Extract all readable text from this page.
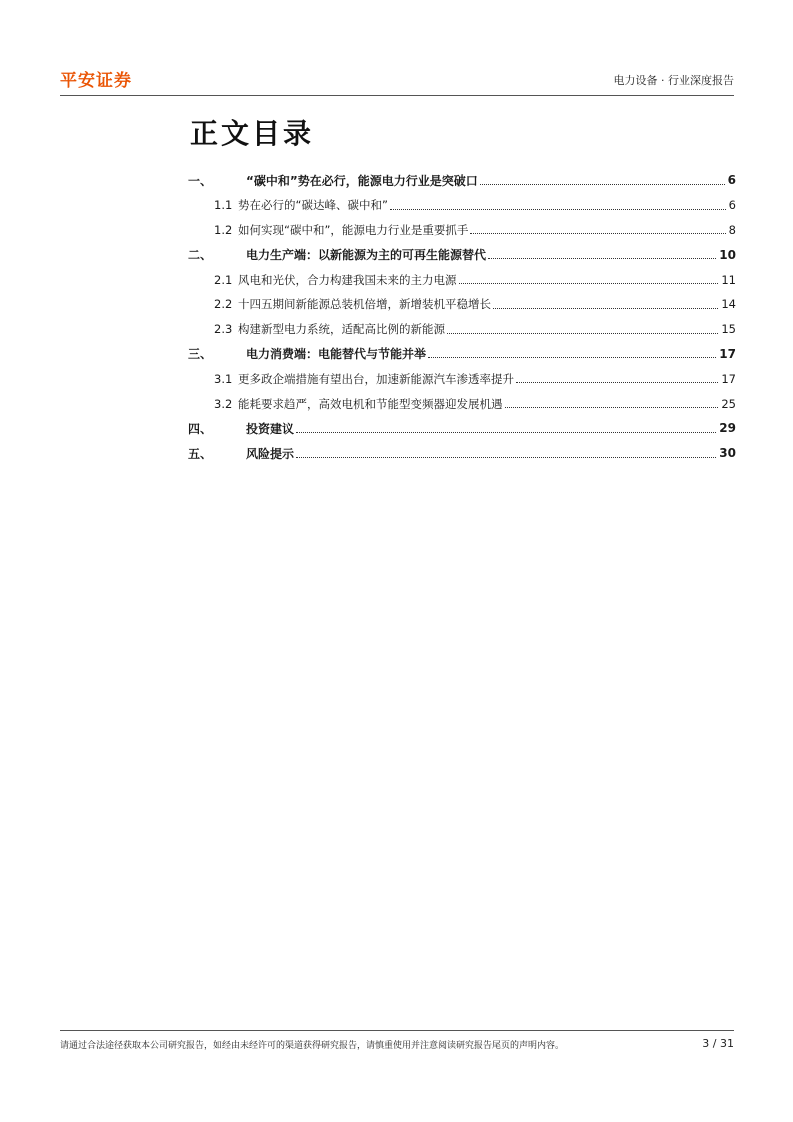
平安证券	电力设备 · 行业深度报告
正文目录
一、	“碳中和”势在必行，能源电力行业是突破口	6
1.1 势在必行的“碳达峰、碳中和”	6
1.2 如何实现“碳中和”，能源电力行业是重要抓手	8
二、	电力生产端：以新能源为主的可再生能源替代	10
2.1 风电和光伏，合力构建我国未来的主力电源	11
2.2 十四五期间新能源总装机倍增，新增装机平稳增长	14
2.3 构建新型电力系统，适配高比例的新能源	15
三、	电力消费端：电能替代与节能并举	17
3.1 更多政企端措施有望出台，加速新能源汽车渗透率提升	17
3.2 能耗要求趋严，高效电机和节能型变频器迎发展机遇	25
四、	投资建议	29
五、	风险提示	30
请通过合法途径获取本公司研究报告，如经由未经许可的渠道获得研究报告，请慎重使用并注意阅读研究报告尾页的声明内容。	3 / 31
